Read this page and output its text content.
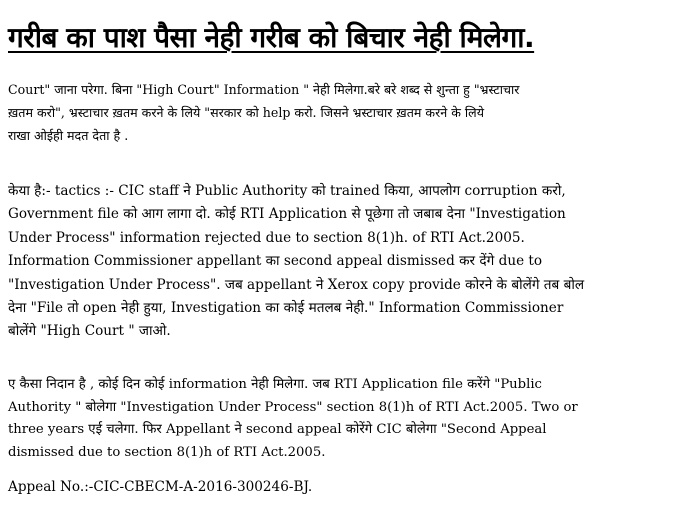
गरीब का पाश पैसा नेही गरीब को बिचार नेही मिलेगा.
Court" जाना परेगा. बिना "High Court" Information " नेही मिलेगा.बरे बरे शब्द से शुन्ता हु "भ्रस्टाचार
ख़तम करो", भ्रस्टाचार ख़तम करने के लिये "सरकार को help करो. जिसने भ्रस्टाचार ख़तम करने के लिये
राखा ओईही मदत देता है .
केया है:- tactics :- CIC staff ने Public Authority को trained किया, आपलोग corruption करो,
Government file को आग लागा दो. कोई RTI Application से पूछेगा तो जबाब देना "Investigation
Under Process" information rejected due to section 8(1)h. of RTI Act.2005.
Information Commissioner appellant का second appeal dismissed कर देंगे due to
"Investigation Under Process". जब appellant ने Xerox copy provide कोरने के बोलेंगे तब बोल
देना "File तो open नेही हुया, Investigation का कोई मतलब नेही." Information Commissioner
बोलेंगे "High Court " जाओ.
ए कैसा निदान है , कोई दिन कोई information नेही मिलेगा. जब RTI Application file करेंगे "Public
Authority " बोलेगा "Investigation Under Process" section 8(1)h of RTI Act.2005. Two or
three years एई चलेगा. फिर Appellant ने second appeal कोरेंगे CIC बोलेगा "Second Appeal
dismissed due to section 8(1)h of RTI Act.2005.
Appeal No.:-CIC-CBECM-A-2016-300246-BJ.
